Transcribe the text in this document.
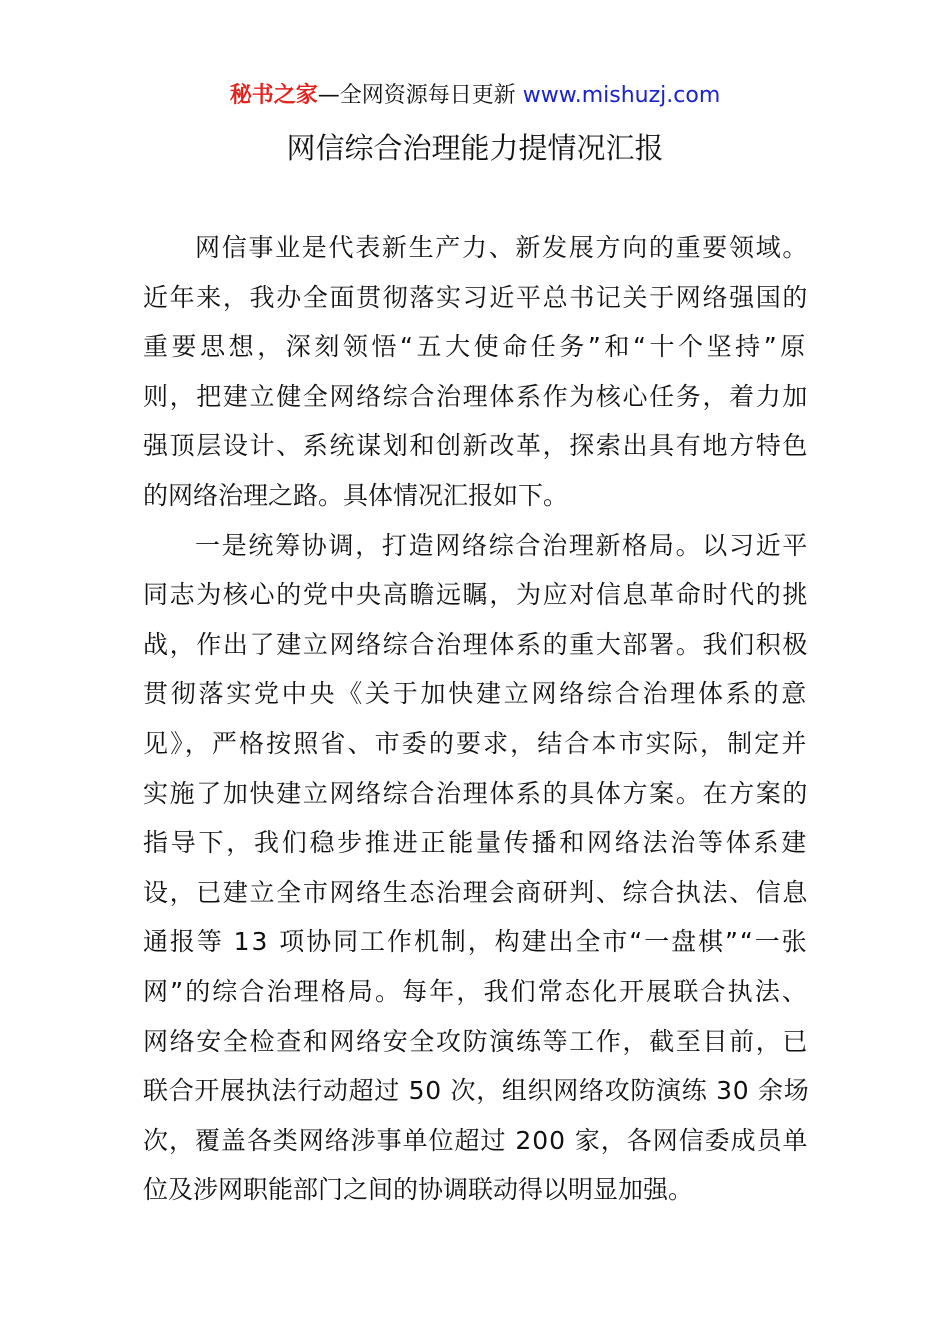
秘书之家—全网资源每日更新 www.mishuzj.com
网信综合治理能力提情况汇报

网信事业是代表新生产力、新发展方向的重要领域。
近年来，我办全面贯彻落实习近平总书记关于网络强国的
重要思想，深刻领悟“五大使命任务”和“十个坚持”原
则，把建立健全网络综合治理体系作为核心任务，着力加
强顶层设计、系统谋划和创新改革，探索出具有地方特色
的网络治理之路。具体情况汇报如下。

一是统筹协调，打造网络综合治理新格局。以习近平
同志为核心的党中央高瞻远瞩，为应对信息革命时代的挑
战，作出了建立网络综合治理体系的重大部署。我们积极
贯彻落实党中央《关于加快建立网络综合治理体系的意
见》，严格按照省、市委的要求，结合本市实际，制定并
实施了加快建立网络综合治理体系的具体方案。在方案的
指导下，我们稳步推进正能量传播和网络法治等体系建
设，已建立全市网络生态治理会商研判、综合执法、信息
通报等 13 项协同工作机制，构建出全市“一盘棋”“一张
网”的综合治理格局。每年，我们常态化开展联合执法、
网络安全检查和网络安全攻防演练等工作，截至目前，已
联合开展执法行动超过 50 次，组织网络攻防演练 30 余场
次，覆盖各类网络涉事单位超过 200 家，各网信委成员单
位及涉网职能部门之间的协调联动得以明显加强。
